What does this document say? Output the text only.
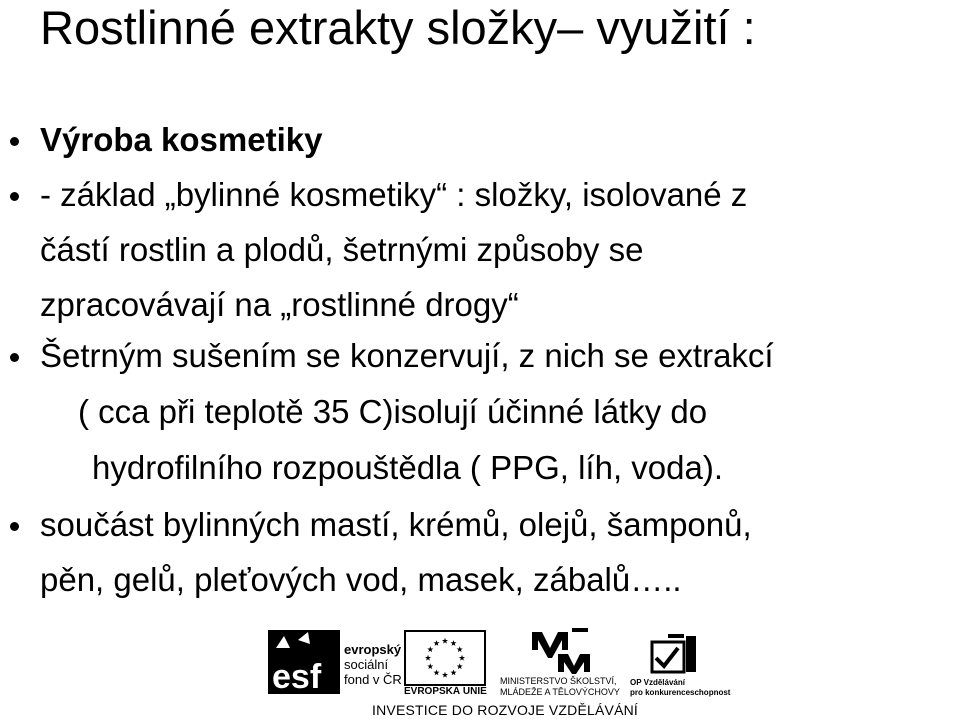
Rostlinné extrakty složky– využití :
Výroba kosmetiky
- základ „bylinné kosmetiky“ : složky, isolované z
částí rostlin a plodů, šetrnými způsoby se
zpracovávají na „rostlinné drogy“
Šetrným sušením se konzervují, z nich se extrakcí
( cca při teplotě 35 C)isolují účinné látky do
hydrofilního rozpouštědla ( PPG, líh, voda).
součást bylinných mastí, krémů, olejů, šamponů,
pěn, gelů, pleťových vod, masek, zábalů…..
esf
evropský
sociální
fond v ČR
EVROPSKÁ UNIE
MINISTERSTVO ŠKOLSTVÍ,
MLÁDEŽE A TĚLOVÝCHOVY
OP Vzdělávání
pro konkurenceschopnost
INVESTICE DO ROZVOJE VZDĚLÁVÁNÍ
